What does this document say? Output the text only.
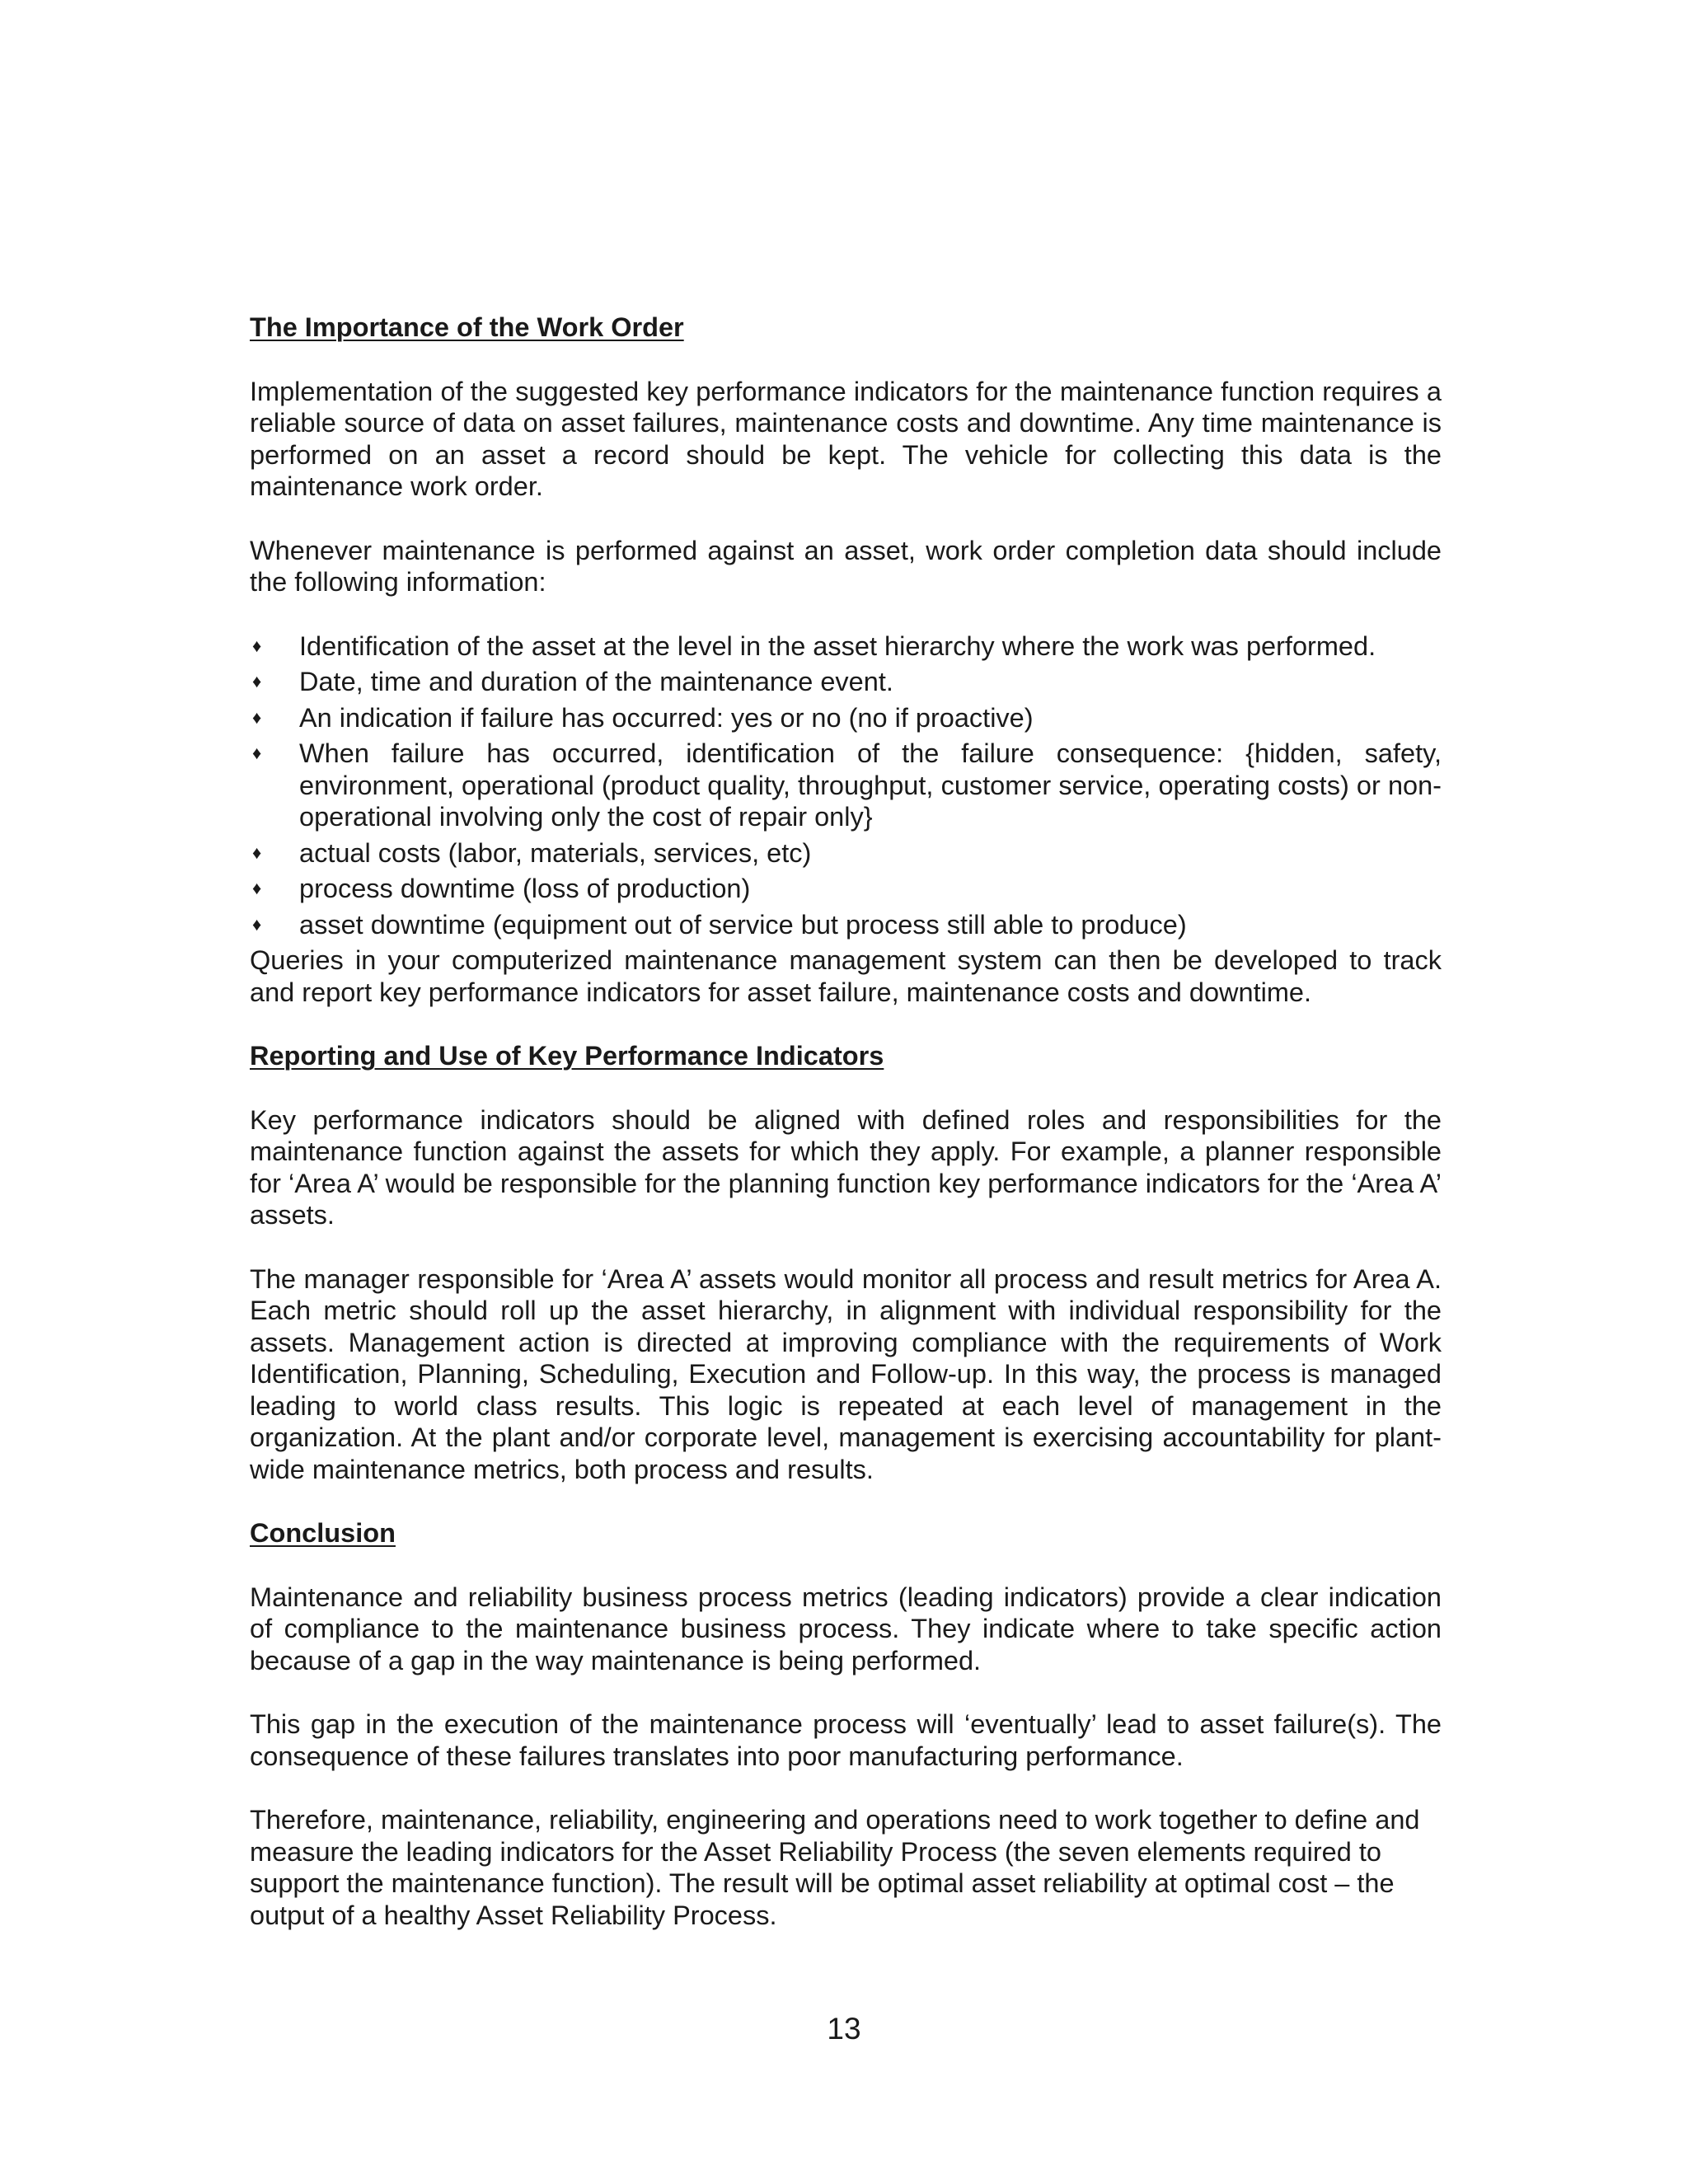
The Importance of the Work Order

Implementation of the suggested key performance indicators for the maintenance function requires a reliable source of data on asset failures, maintenance costs and downtime. Any time maintenance is performed on an asset a record should be kept. The vehicle for collecting this data is the maintenance work order.

Whenever maintenance is performed against an asset, work order completion data should include the following information:

♦ Identification of the asset at the level in the asset hierarchy where the work was performed.
♦ Date, time and duration of the maintenance event.
♦ An indication if failure has occurred: yes or no (no if proactive)
♦ When failure has occurred, identification of the failure consequence: {hidden, safety, environment, operational (product quality, throughput, customer service, operating costs) or non-operational involving only the cost of repair only}
♦ actual costs (labor, materials, services, etc)
♦ process downtime (loss of production)
♦ asset downtime (equipment out of service but process still able to produce)

Queries in your computerized maintenance management system can then be developed to track and report key performance indicators for asset failure, maintenance costs and downtime.

Reporting and Use of Key Performance Indicators

Key performance indicators should be aligned with defined roles and responsibilities for the maintenance function against the assets for which they apply. For example, a planner responsible for ‘Area A’ would be responsible for the planning function key performance indicators for the ‘Area A’ assets.

The manager responsible for ‘Area A’ assets would monitor all process and result metrics for Area A. Each metric should roll up the asset hierarchy, in alignment with individual responsibility for the assets. Management action is directed at improving compliance with the requirements of Work Identification, Planning, Scheduling, Execution and Follow-up. In this way, the process is managed leading to world class results. This logic is repeated at each level of management in the organization. At the plant and/or corporate level, management is exercising accountability for plant-wide maintenance metrics, both process and results.

Conclusion

Maintenance and reliability business process metrics (leading indicators) provide a clear indication of compliance to the maintenance business process. They indicate where to take specific action because of a gap in the way maintenance is being performed.

This gap in the execution of the maintenance process will ‘eventually’ lead to asset failure(s). The consequence of these failures translates into poor manufacturing performance.

Therefore, maintenance, reliability, engineering and operations need to work together to define and measure the leading indicators for the Asset Reliability Process (the seven elements required to support the maintenance function). The result will be optimal asset reliability at optimal cost – the output of a healthy Asset Reliability Process.

13
